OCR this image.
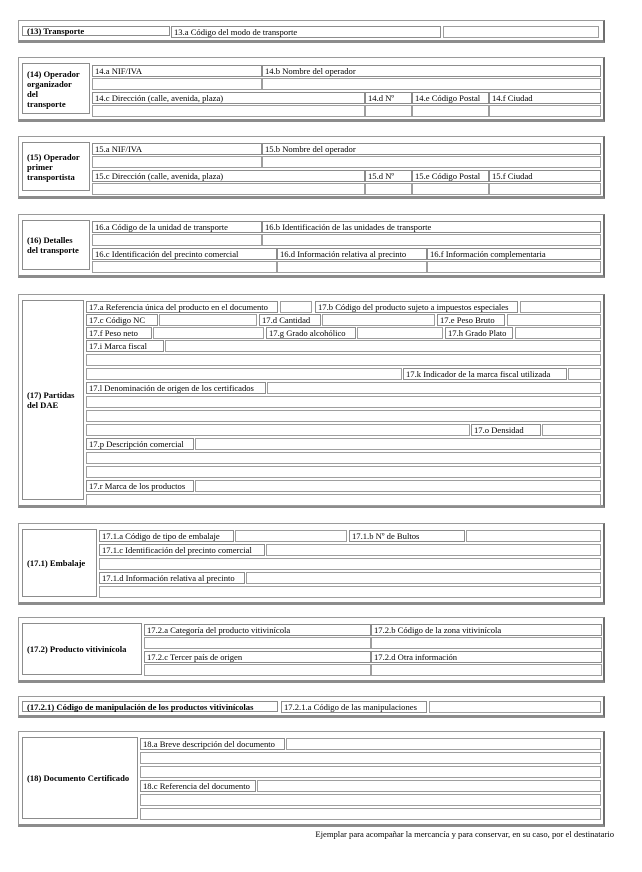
(13) Transporte	13.a Código del modo de transporte
(14) Operador
organizador
del
transporte
14.a NIF/IVA	14.b Nombre del operador
14.c Dirección (calle, avenida, plaza)	14.d Nº	14.e Código Postal	14.f Ciudad
(15) Operador
primer
transportista
15.a NIF/IVA	15.b Nombre del operador
15.c Dirección (calle, avenida, plaza)	15.d Nº	15.e Código Postal	15.f Ciudad
(16) Detalles
del transporte
16.a Código de la unidad de transporte	16.b Identificación de las unidades de transporte
16.c Identificación del precinto comercial	16.d Información relativa al precinto	16.f Información complementaria
(17) Partidas
del DAE
17.a Referencia única del producto en el documento	17.b Código del producto sujeto a impuestos especiales
17.c Código NC	17.d Cantidad	17.e Peso Bruto
17.f Peso neto	17.g Grado alcohólico	17.h Grado Plato
17.i Marca fiscal
17.k Indicador de la marca fiscal utilizada
17.l Denominación de origen de los certificados
17.o Densidad
17.p Descripción comercial
17.r Marca de los productos
(17.1) Embalaje
17.1.a Código de tipo de embalaje	17.1.b Nº de Bultos
17.1.c Identificación del precinto comercial
17.1.d Información relativa al precinto
(17.2) Producto vitivinícola
17.2.a Categoría del producto vitivinícola	17.2.b Código de la zona vitivinícola
17.2.c Tercer país de origen	17.2.d Otra información
(17.2.1) Código de manipulación de los productos vitivinícolas	17.2.1.a Código de las manipulaciones
(18) Documento Certificado
18.a Breve descripción del documento
18.c Referencia del documento
Ejemplar para acompañar la mercancía y para conservar, en su caso, por el destinatario
